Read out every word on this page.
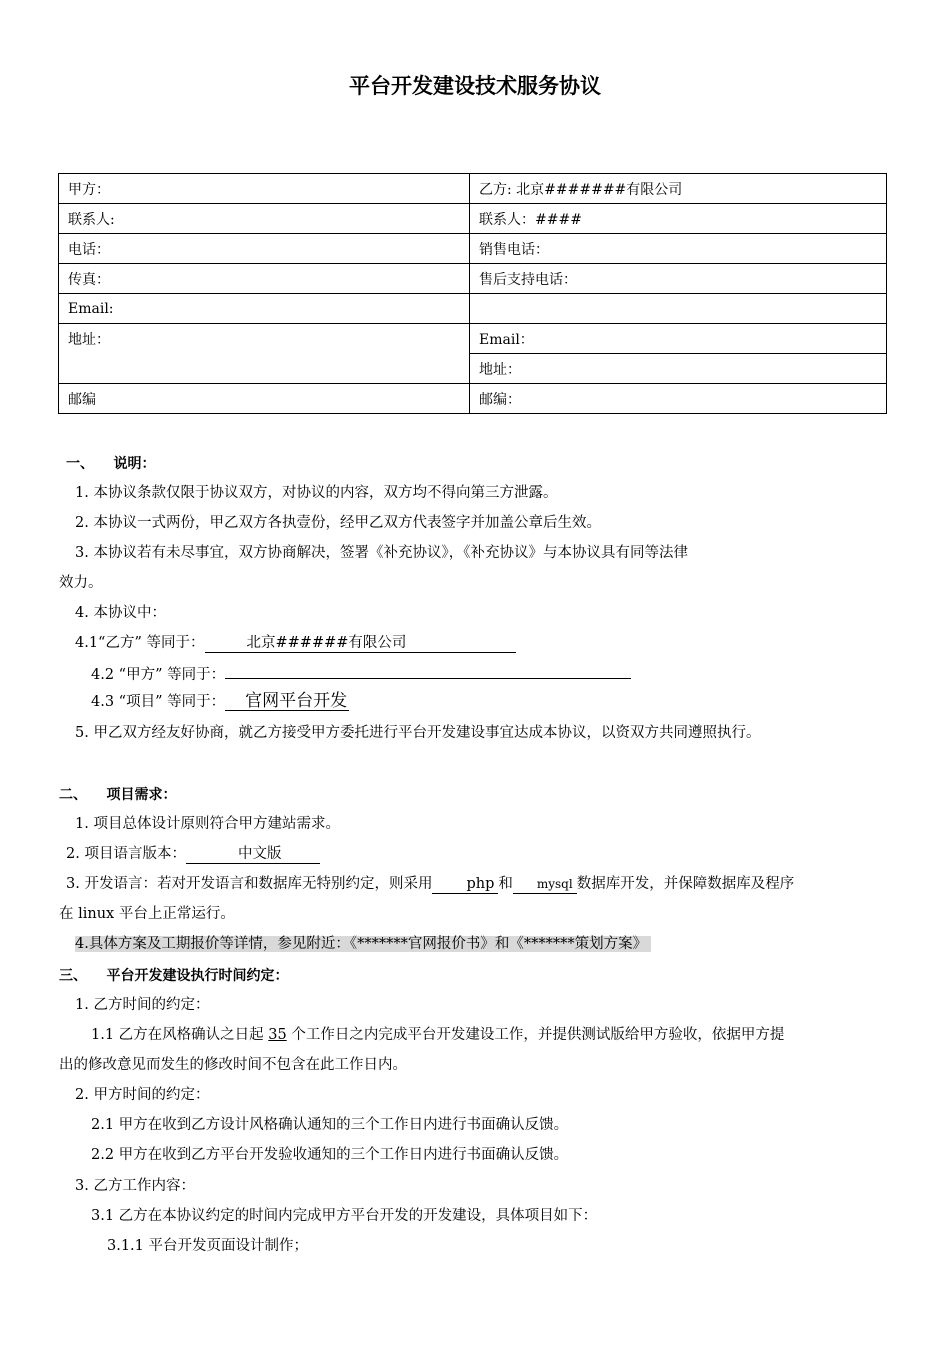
平台开发建设技术服务协议
甲方：	乙方: 北京#######有限公司
联系人:	联系人：####
电话：	销售电话：
传真：	售后支持电话：
Email:	
地址：	Email：
	地址：
邮编	邮编：
一、 说明：
1. 本协议条款仅限于协议双方，对协议的内容，双方均不得向第三方泄露。
2. 本协议一式两份，甲乙双方各执壹份，经甲乙双方代表签字并加盖公章后生效。
3. 本协议若有未尽事宜，双方协商解决，签署《补充协议》，《补充协议》与本协议具有同等法律
效力。
4. 本协议中：
4.1“乙方” 等同于：	北京######有限公司
4.2 “甲方” 等同于：
4.3 “项目” 等同于： 官网平台开发
5. 甲乙双方经友好协商，就乙方接受甲方委托进行平台开发建设事宜达成本协议，以资双方共同遵照执行。
二、 项目需求：
1. 项目总体设计原则符合甲方建站需求。
2. 项目语言版本：	中文版
3. 开发语言：若对开发语言和数据库无特别约定，则采用 php 和 mysql 数据库开发，并保障数据库及程序
在 linux 平台上正常运行。
4.具体方案及工期报价等详情，参见附近：《*******官网报价书》和《*******策划方案》
三、 平台开发建设执行时间约定：
1. 乙方时间的约定：
1.1 乙方在风格确认之日起 35 个工作日之内完成平台开发建设工作，并提供测试版给甲方验收，依据甲方提
出的修改意见而发生的修改时间不包含在此工作日内。
2. 甲方时间的约定：
2.1 甲方在收到乙方设计风格确认通知的三个工作日内进行书面确认反馈。
2.2 甲方在收到乙方平台开发验收通知的三个工作日内进行书面确认反馈。
3. 乙方工作内容：
3.1 乙方在本协议约定的时间内完成甲方平台开发的开发建设，具体项目如下：
3.1.1 平台开发页面设计制作；
